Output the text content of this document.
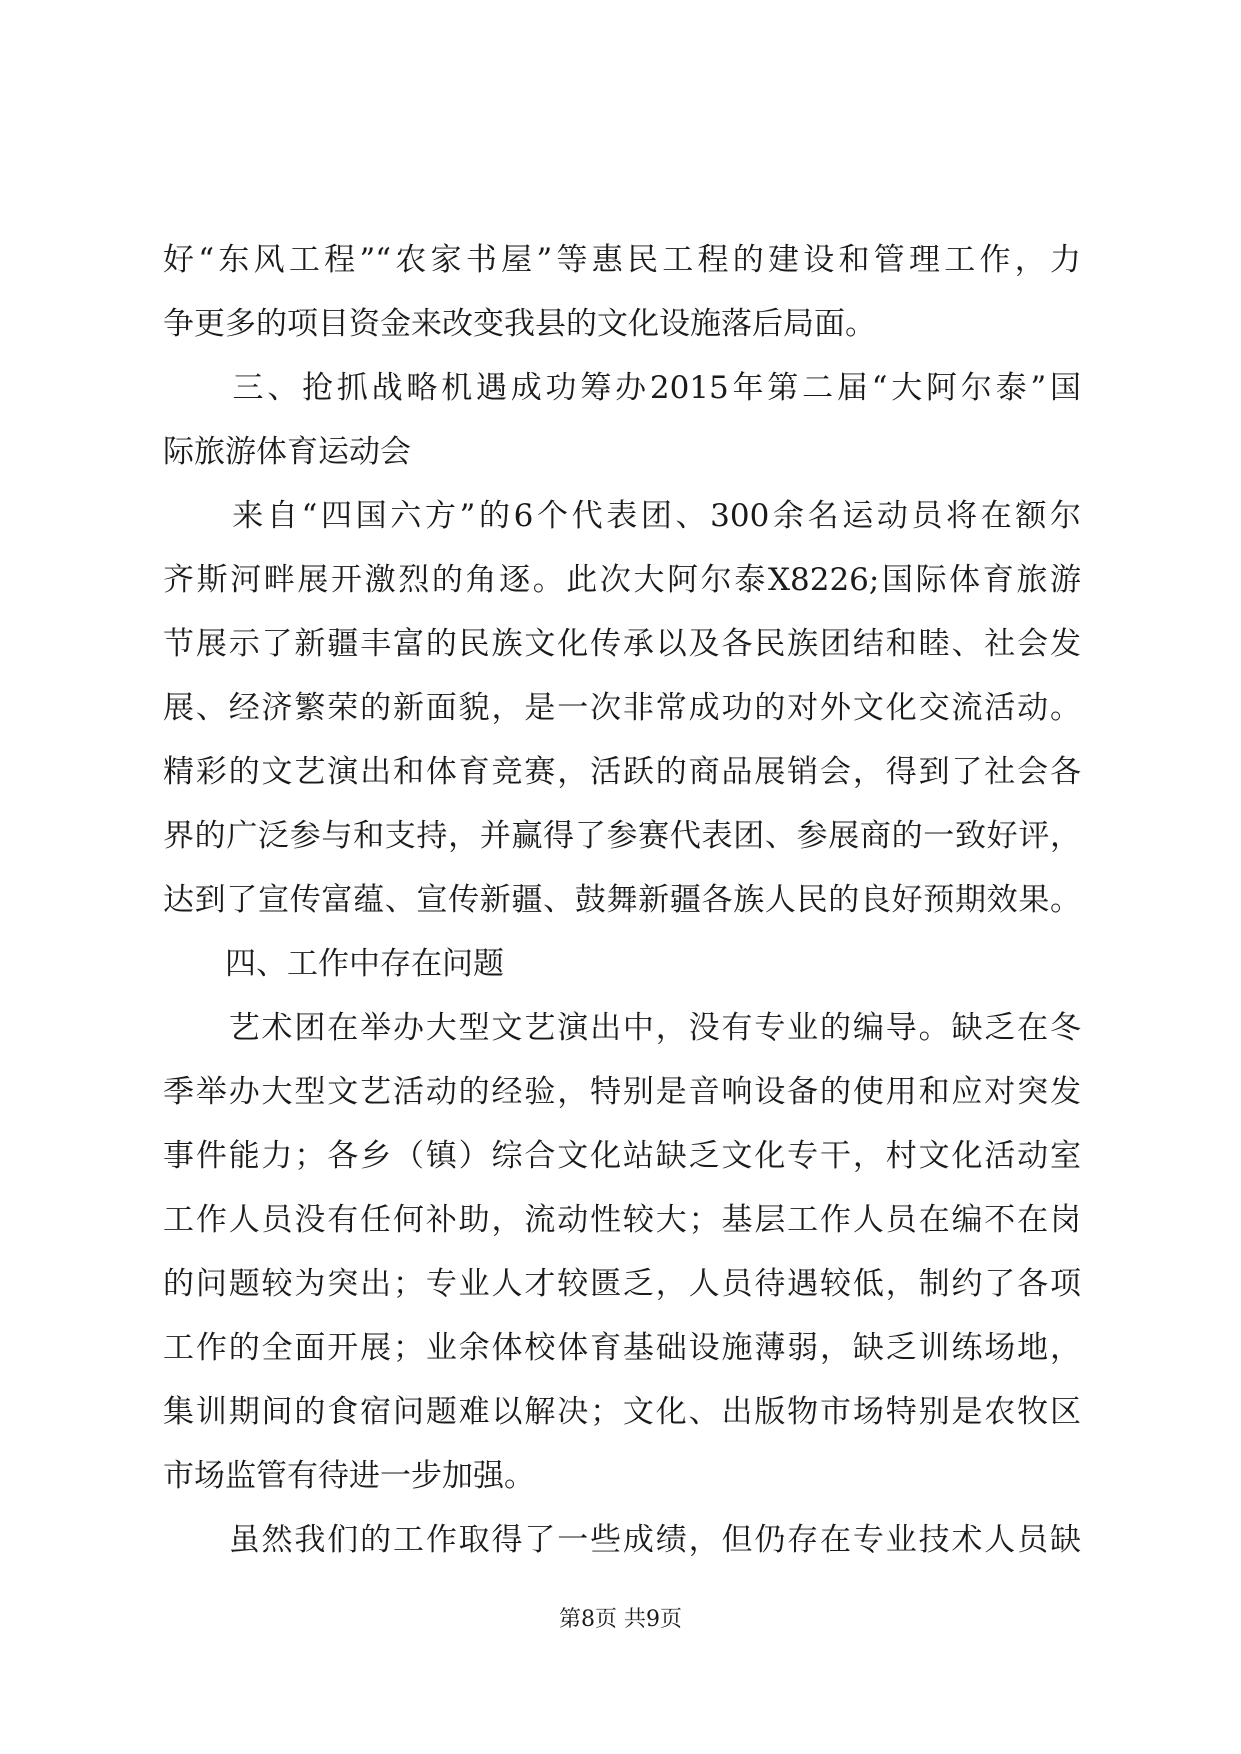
好“东风工程”“农家书屋”等惠民工程的建设和管理工作，力
争更多的项目资金来改变我县的文化设施落后局面。
　　三、抢抓战略机遇成功筹办2015年第二届“大阿尔泰”国
际旅游体育运动会
　　来自“四国六方”的6个代表团、300余名运动员将在额尔
齐斯河畔展开激烈的角逐。此次大阿尔泰X8226;国际体育旅游
节展示了新疆丰富的民族文化传承以及各民族团结和睦、社会发
展、经济繁荣的新面貌，是一次非常成功的对外文化交流活动。
精彩的文艺演出和体育竞赛，活跃的商品展销会，得到了社会各
界的广泛参与和支持，并赢得了参赛代表团、参展商的一致好评，
达到了宣传富蕴、宣传新疆、鼓舞新疆各族人民的良好预期效果。
　　四、工作中存在问题
　　艺术团在举办大型文艺演出中，没有专业的编导。缺乏在冬
季举办大型文艺活动的经验，特别是音响设备的使用和应对突发
事件能力；各乡（镇）综合文化站缺乏文化专干，村文化活动室
工作人员没有任何补助，流动性较大；基层工作人员在编不在岗
的问题较为突出；专业人才较匮乏，人员待遇较低，制约了各项
工作的全面开展；业余体校体育基础设施薄弱，缺乏训练场地，
集训期间的食宿问题难以解决；文化、出版物市场特别是农牧区
市场监管有待进一步加强。
　　虽然我们的工作取得了一些成绩，但仍存在专业技术人员缺
第8页 共9页
